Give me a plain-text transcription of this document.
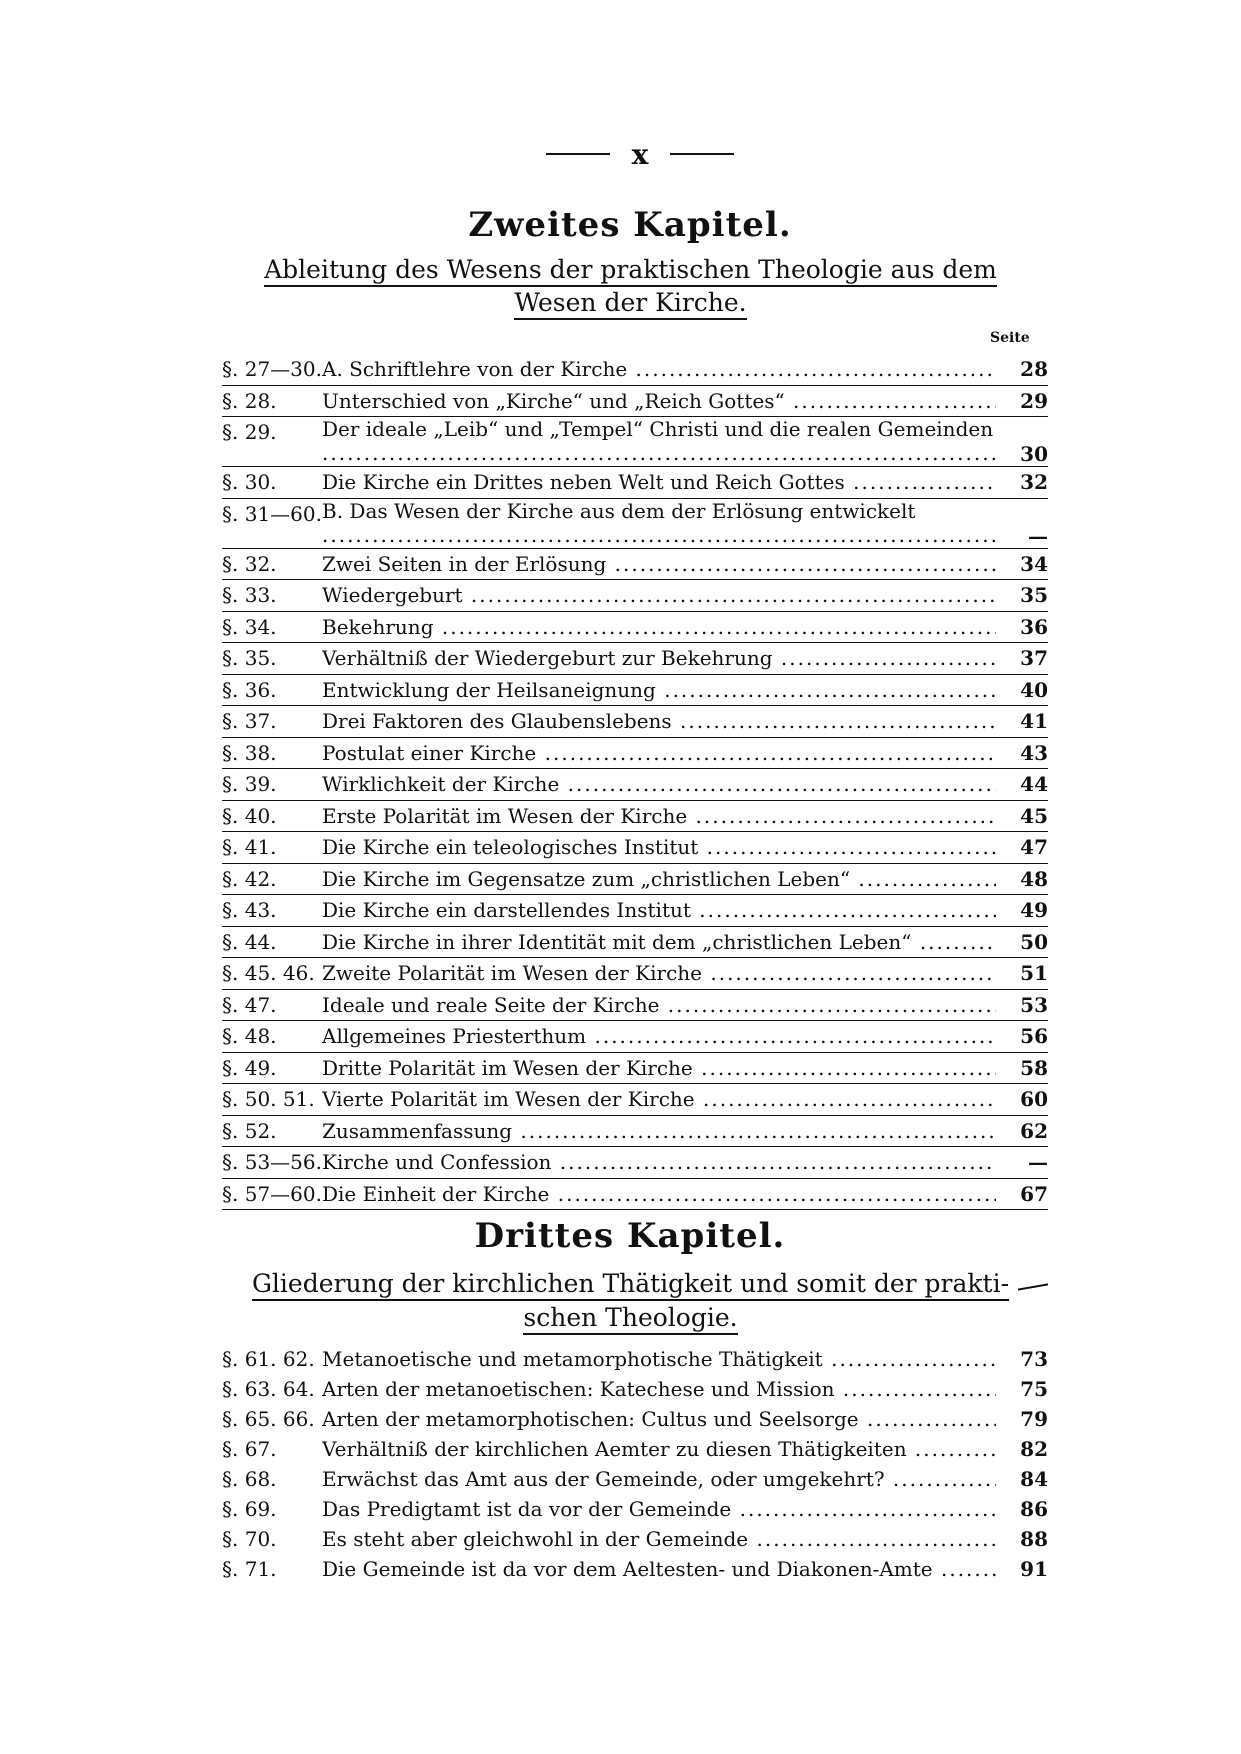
x
Zweites Kapitel.
Ableitung des Wesens der praktischen Theologie aus dem
Wesen der Kirche.
Seite
§. 27—30. A. Schriftlehre von der Kirche .....	28
§. 28.	Unterschied von „Kirche“ und „Reich Gottes“ .....	29
§. 29.	Der ideale „Leib“ und „Tempel“ Christi und die realen Gemeinden .....
30
§. 30.	Die Kirche ein Drittes neben Welt und Reich Gottes .....	32
§. 31—60. B. Das Wesen der Kirche aus dem der Erlösung entwickelt .....
—
§. 32.	Zwei Seiten in der Erlösung .....	34
§. 33.	Wiedergeburt .....	35
§. 34.	Bekehrung .....	36
§. 35.	Verhältniß der Wiedergeburt zur Bekehrung .....	37
§. 36.	Entwicklung der Heilsaneignung .....	40
§. 37.	Drei Faktoren des Glaubenslebens .....	41
§. 38.	Postulat einer Kirche .....	43
§. 39.	Wirklichkeit der Kirche .....	44
§. 40.	Erste Polarität im Wesen der Kirche .....	45
§. 41.	Die Kirche ein teleologisches Institut .....	47
§. 42.	Die Kirche im Gegensatze zum „christlichen Leben“ .....	48
§. 43.	Die Kirche ein darstellendes Institut .....	49
§. 44.	Die Kirche in ihrer Identität mit dem „christlichen Leben“ .....	50
§. 45. 46. Zweite Polarität im Wesen der Kirche .....	51
§. 47.	Ideale und reale Seite der Kirche .....	53
§. 48.	Allgemeines Priesterthum .....	56
§. 49.	Dritte Polarität im Wesen der Kirche .....	58
§. 50. 51. Vierte Polarität im Wesen der Kirche .....	60
§. 52.	Zusammenfassung .....	62
§. 53—56. Kirche und Confession .....	—
§. 57—60. Die Einheit der Kirche .....	67
Drittes Kapitel.
Gliederung der kirchlichen Thätigkeit und somit der prakti-
schen Theologie.
§. 61. 62. Metanoetische und metamorphotische Thätigkeit .....	73
§. 63. 64. Arten der metanoetischen: Katechese und Mission .....	75
§. 65. 66. Arten der metamorphotischen: Cultus und Seelsorge .....	79
§. 67.	Verhältniß der kirchlichen Aemter zu diesen Thätigkeiten .....	82
§. 68.	Erwächst das Amt aus der Gemeinde, oder umgekehrt? .....	84
§. 69.	Das Predigtamt ist da vor der Gemeinde .....	86
§. 70.	Es steht aber gleichwohl in der Gemeinde .....	88
§. 71.	Die Gemeinde ist da vor dem Aeltesten- und Diakonen-Amte .....	91
